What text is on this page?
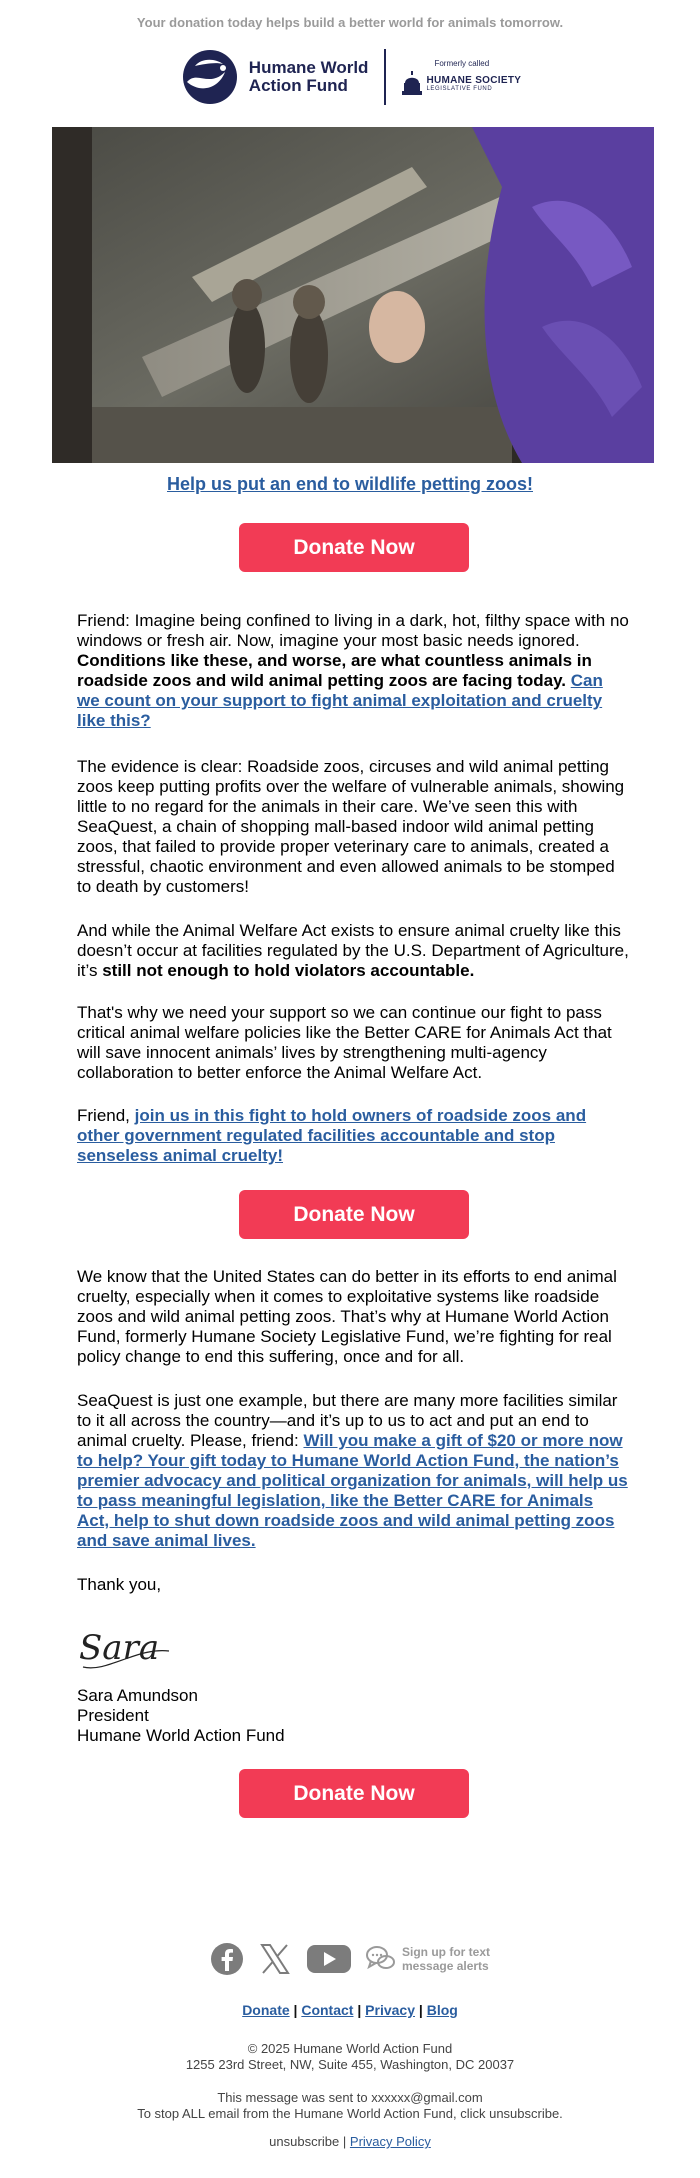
Your donation today helps build a better world for animals tomorrow.
Humane World
Action Fund
Formerly called
HUMANE SOCIETY
LEGISLATIVE FUND
Help us put an end to wildlife petting zoos!
Donate Now
Friend: Imagine being confined to living in a dark, hot, filthy space with no windows or fresh air. Now, imagine your most basic needs ignored. Conditions like these, and worse, are what countless animals in roadside zoos and wild animal petting zoos are facing today. Can we count on your support to fight animal exploitation and cruelty like this?
The evidence is clear: Roadside zoos, circuses and wild animal petting zoos keep putting profits over the welfare of vulnerable animals, showing little to no regard for the animals in their care. We’ve seen this with SeaQuest, a chain of shopping mall-based indoor wild animal petting zoos, that failed to provide proper veterinary care to animals, created a stressful, chaotic environment and even allowed animals to be stomped to death by customers!
And while the Animal Welfare Act exists to ensure animal cruelty like this doesn’t occur at facilities regulated by the U.S. Department of Agriculture, it’s still not enough to hold violators accountable.
That's why we need your support so we can continue our fight to pass critical animal welfare policies like the Better CARE for Animals Act that will save innocent animals’ lives by strengthening multi-agency collaboration to better enforce the Animal Welfare Act.
Friend, join us in this fight to hold owners of roadside zoos and other government regulated facilities accountable and stop senseless animal cruelty!
Donate Now
We know that the United States can do better in its efforts to end animal cruelty, especially when it comes to exploitative systems like roadside zoos and wild animal petting zoos. That’s why at Humane World Action Fund, formerly Humane Society Legislative Fund, we’re fighting for real policy change to end this suffering, once and for all.
SeaQuest is just one example, but there are many more facilities similar to it all across the country—and it’s up to us to act and put an end to animal cruelty. Please, friend: Will you make a gift of $20 or more now to help? Your gift today to Humane World Action Fund, the nation’s premier advocacy and political organization for animals, will help us to pass meaningful legislation, like the Better CARE for Animals Act, help to shut down roadside zoos and wild animal petting zoos and save animal lives.
Thank you,
Sara
Sara Amundson
President
Humane World Action Fund
Donate Now
Sign up for text
message alerts
Donate | Contact | Privacy | Blog
© 2025 Humane World Action Fund
1255 23rd Street, NW, Suite 455, Washington, DC 20037
This message was sent to xxxxxx@gmail.com
To stop ALL email from the Humane World Action Fund, click unsubscribe.
unsubscribe | Privacy Policy
